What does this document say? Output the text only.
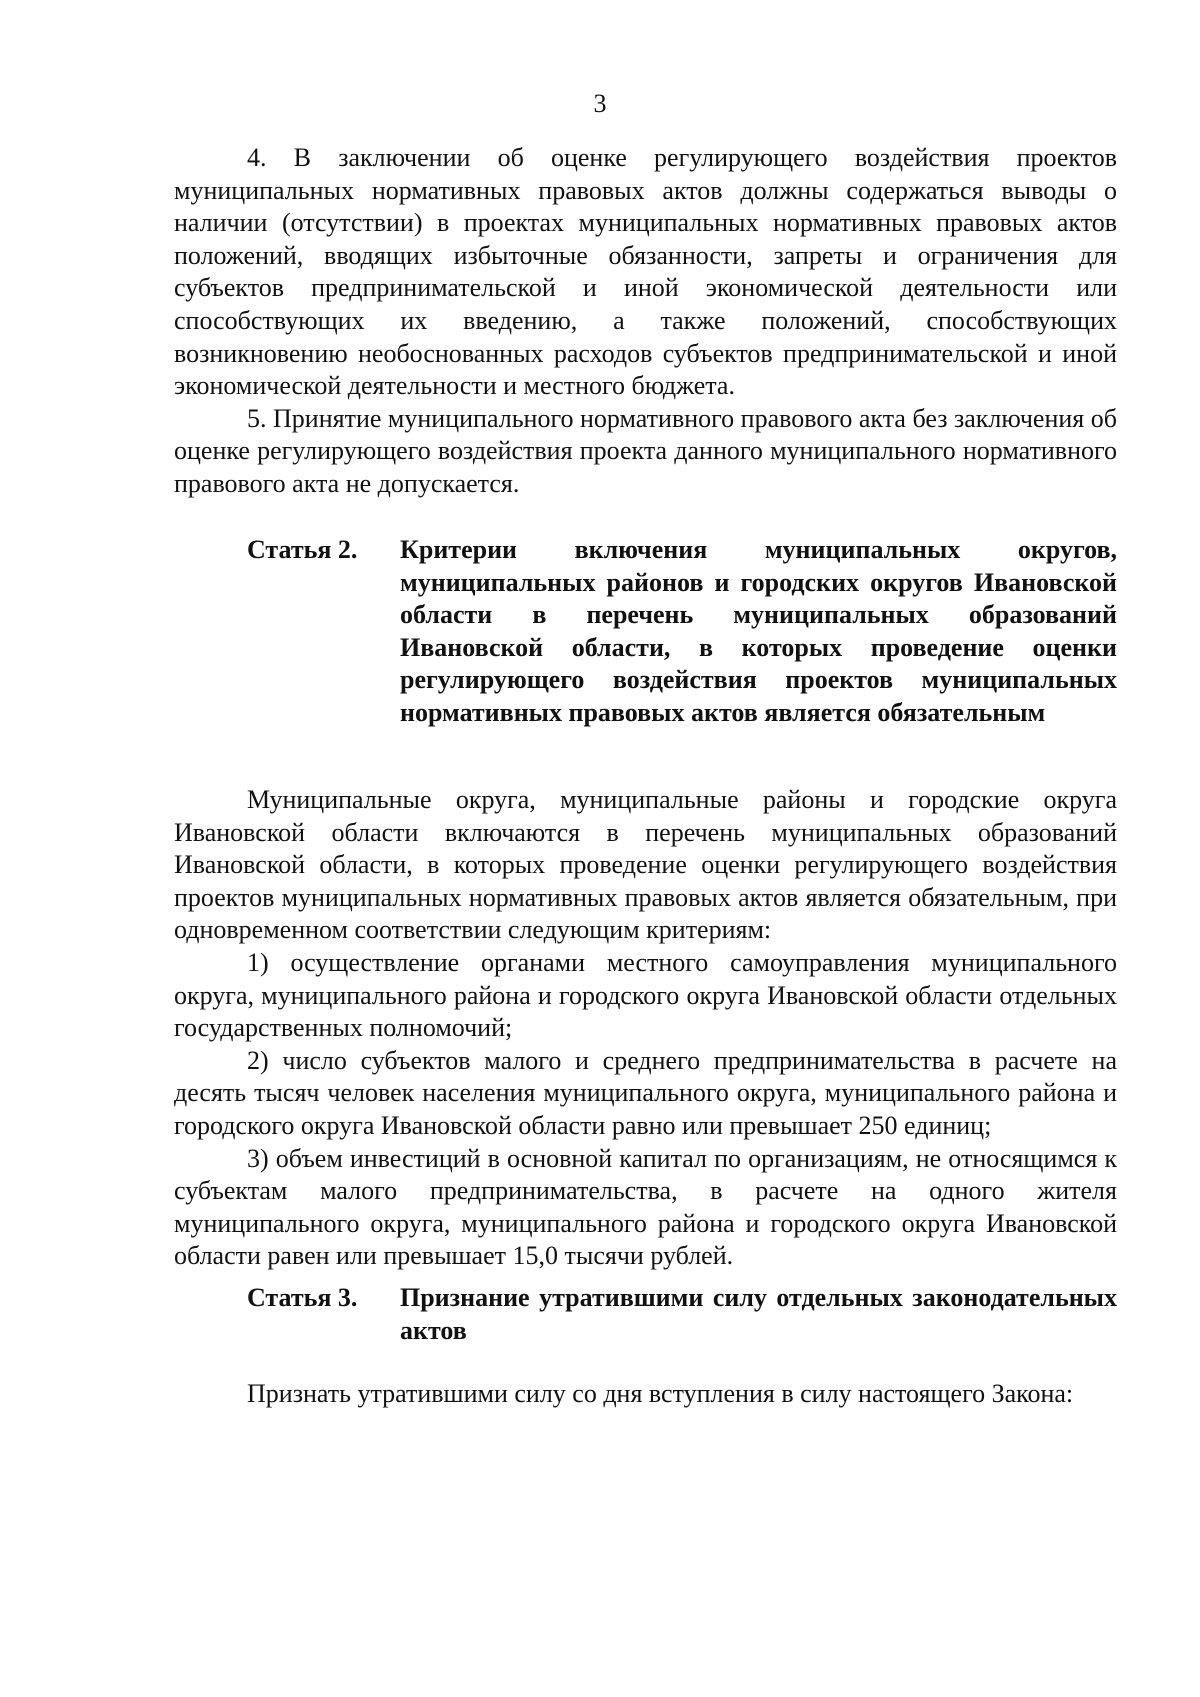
3

4. В заключении об оценке регулирующего воздействия проектов муниципальных нормативных правовых актов должны содержаться выводы о наличии (отсутствии) в проектах муниципальных нормативных правовых актов положений, вводящих избыточные обязанности, запреты и ограничения для субъектов предпринимательской и иной экономической деятельности или способствующих их введению, а также положений, способствующих возникновению необоснованных расходов субъектов предпринимательской и иной экономической деятельности и местного бюджета.

5. Принятие муниципального нормативного правового акта без заключения об оценке регулирующего воздействия проекта данного муниципального нормативного правового акта не допускается.

Статья 2.	Критерии включения муниципальных округов, муниципальных районов и городских округов Ивановской области в перечень муниципальных образований Ивановской области, в которых проведение оценки регулирующего воздействия проектов муниципальных нормативных правовых актов является обязательным

Муниципальные округа, муниципальные районы и городские округа Ивановской области включаются в перечень муниципальных образований Ивановской области, в которых проведение оценки регулирующего воздействия проектов муниципальных нормативных правовых актов является обязательным, при одновременном соответствии следующим критериям:

1) осуществление органами местного самоуправления муниципального округа, муниципального района и городского округа Ивановской области отдельных государственных полномочий;

2) число субъектов малого и среднего предпринимательства в расчете на десять тысяч человек населения муниципального округа, муниципального района и городского округа Ивановской области равно или превышает 250 единиц;

3) объем инвестиций в основной капитал по организациям, не относящимся к субъектам малого предпринимательства, в расчете на одного жителя муниципального округа, муниципального района и городского округа Ивановской области равен или превышает 15,0 тысячи рублей.

Статья 3.	Признание утратившими силу отдельных законодательных актов

Признать утратившими силу со дня вступления в силу настоящего Закона:
